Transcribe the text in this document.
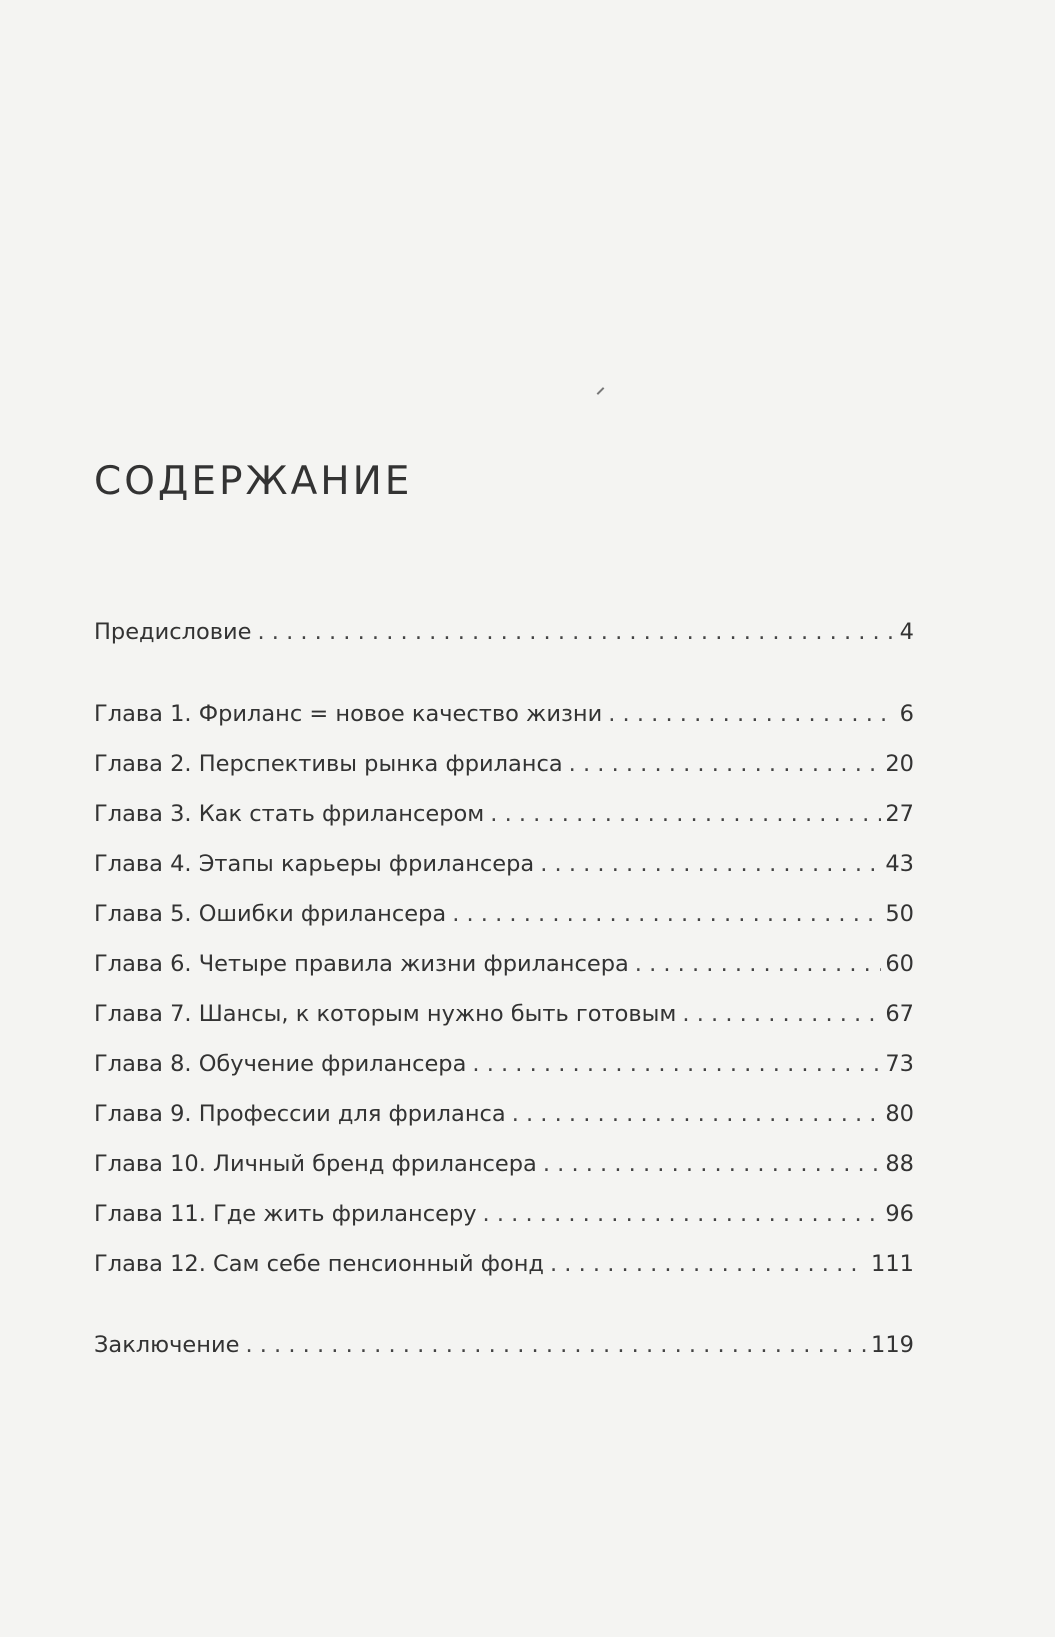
СОДЕРЖАНИЕ
Предисловие . . .	4
Глава 1. Фриланс = новое качество жизни . . .	6
Глава 2. Перспективы рынка фриланса . . .	20
Глава 3. Как стать фрилансером . . .	27
Глава 4. Этапы карьеры фрилансера . . .	43
Глава 5. Ошибки фрилансера . . .	50
Глава 6. Четыре правила жизни фрилансера . . .	60
Глава 7. Шансы, к которым нужно быть готовым . . .	67
Глава 8. Обучение фрилансера . . .	73
Глава 9. Профессии для фриланса . . .	80
Глава 10. Личный бренд фрилансера . . .	88
Глава 11. Где жить фрилансеру . . .	96
Глава 12. Сам себе пенсионный фонд . . .	111
Заключение . . .	119
